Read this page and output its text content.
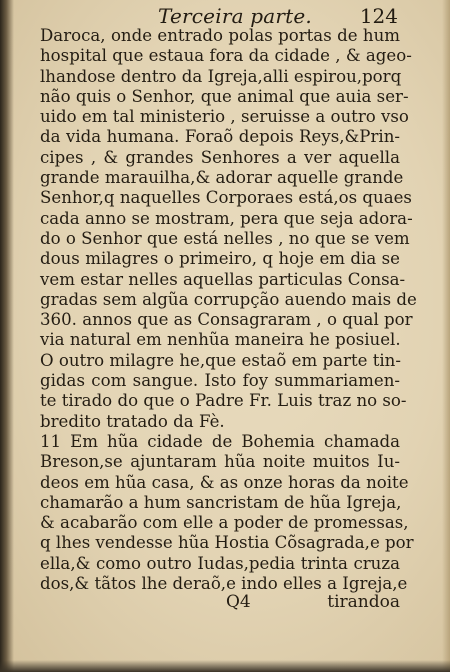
Terceira parte. 124
Daroca, onde entrado polas portas de hum
hospital que estaua fora da cidade , & ageo-
lhandose dentro da Igreja,alli espirou,porq
não quis o Senhor, que animal que auia ser-
uido em tal ministerio , seruisse a outro vso
da vida humana. Foraõ depois Reys,&Prin-
cipes , & grandes Senhores a ver aquella
grande marauilha,& adorar aquelle grande
Senhor,q naquelles Corporaes está,os quaes
cada anno se mostram, pera que seja adora-
do o Senhor que está nelles , no que se vem
dous milagres o primeiro, q hoje em dia se
vem estar nelles aquellas particulas Consa-
gradas sem algũa corrupção auendo mais de
360. annos que as Consagraram , o qual por
via natural em nenhũa maneira he posiuel.
O outro milagre he,que estaõ em parte tin-
gidas com sangue. Isto foy summariamen-
te tirado do que o Padre Fr. Luis traz no so-
bredito tratado da Fè.
11 Em hũa cidade de Bohemia chamada
Breson,se ajuntaram hũa noite muitos Iu-
deos em hũa casa, & as onze horas da noite
chamarão a hum sancristam de hũa Igreja,
& acabarão com elle a poder de promessas,
q lhes vendesse hũa Hostia Cõsagrada,e por
ella,& como outro Iudas,pedia trinta cruza
dos,& tãtos lhe deraõ,e indo elles a Igreja,e
Q4	tirandoa
